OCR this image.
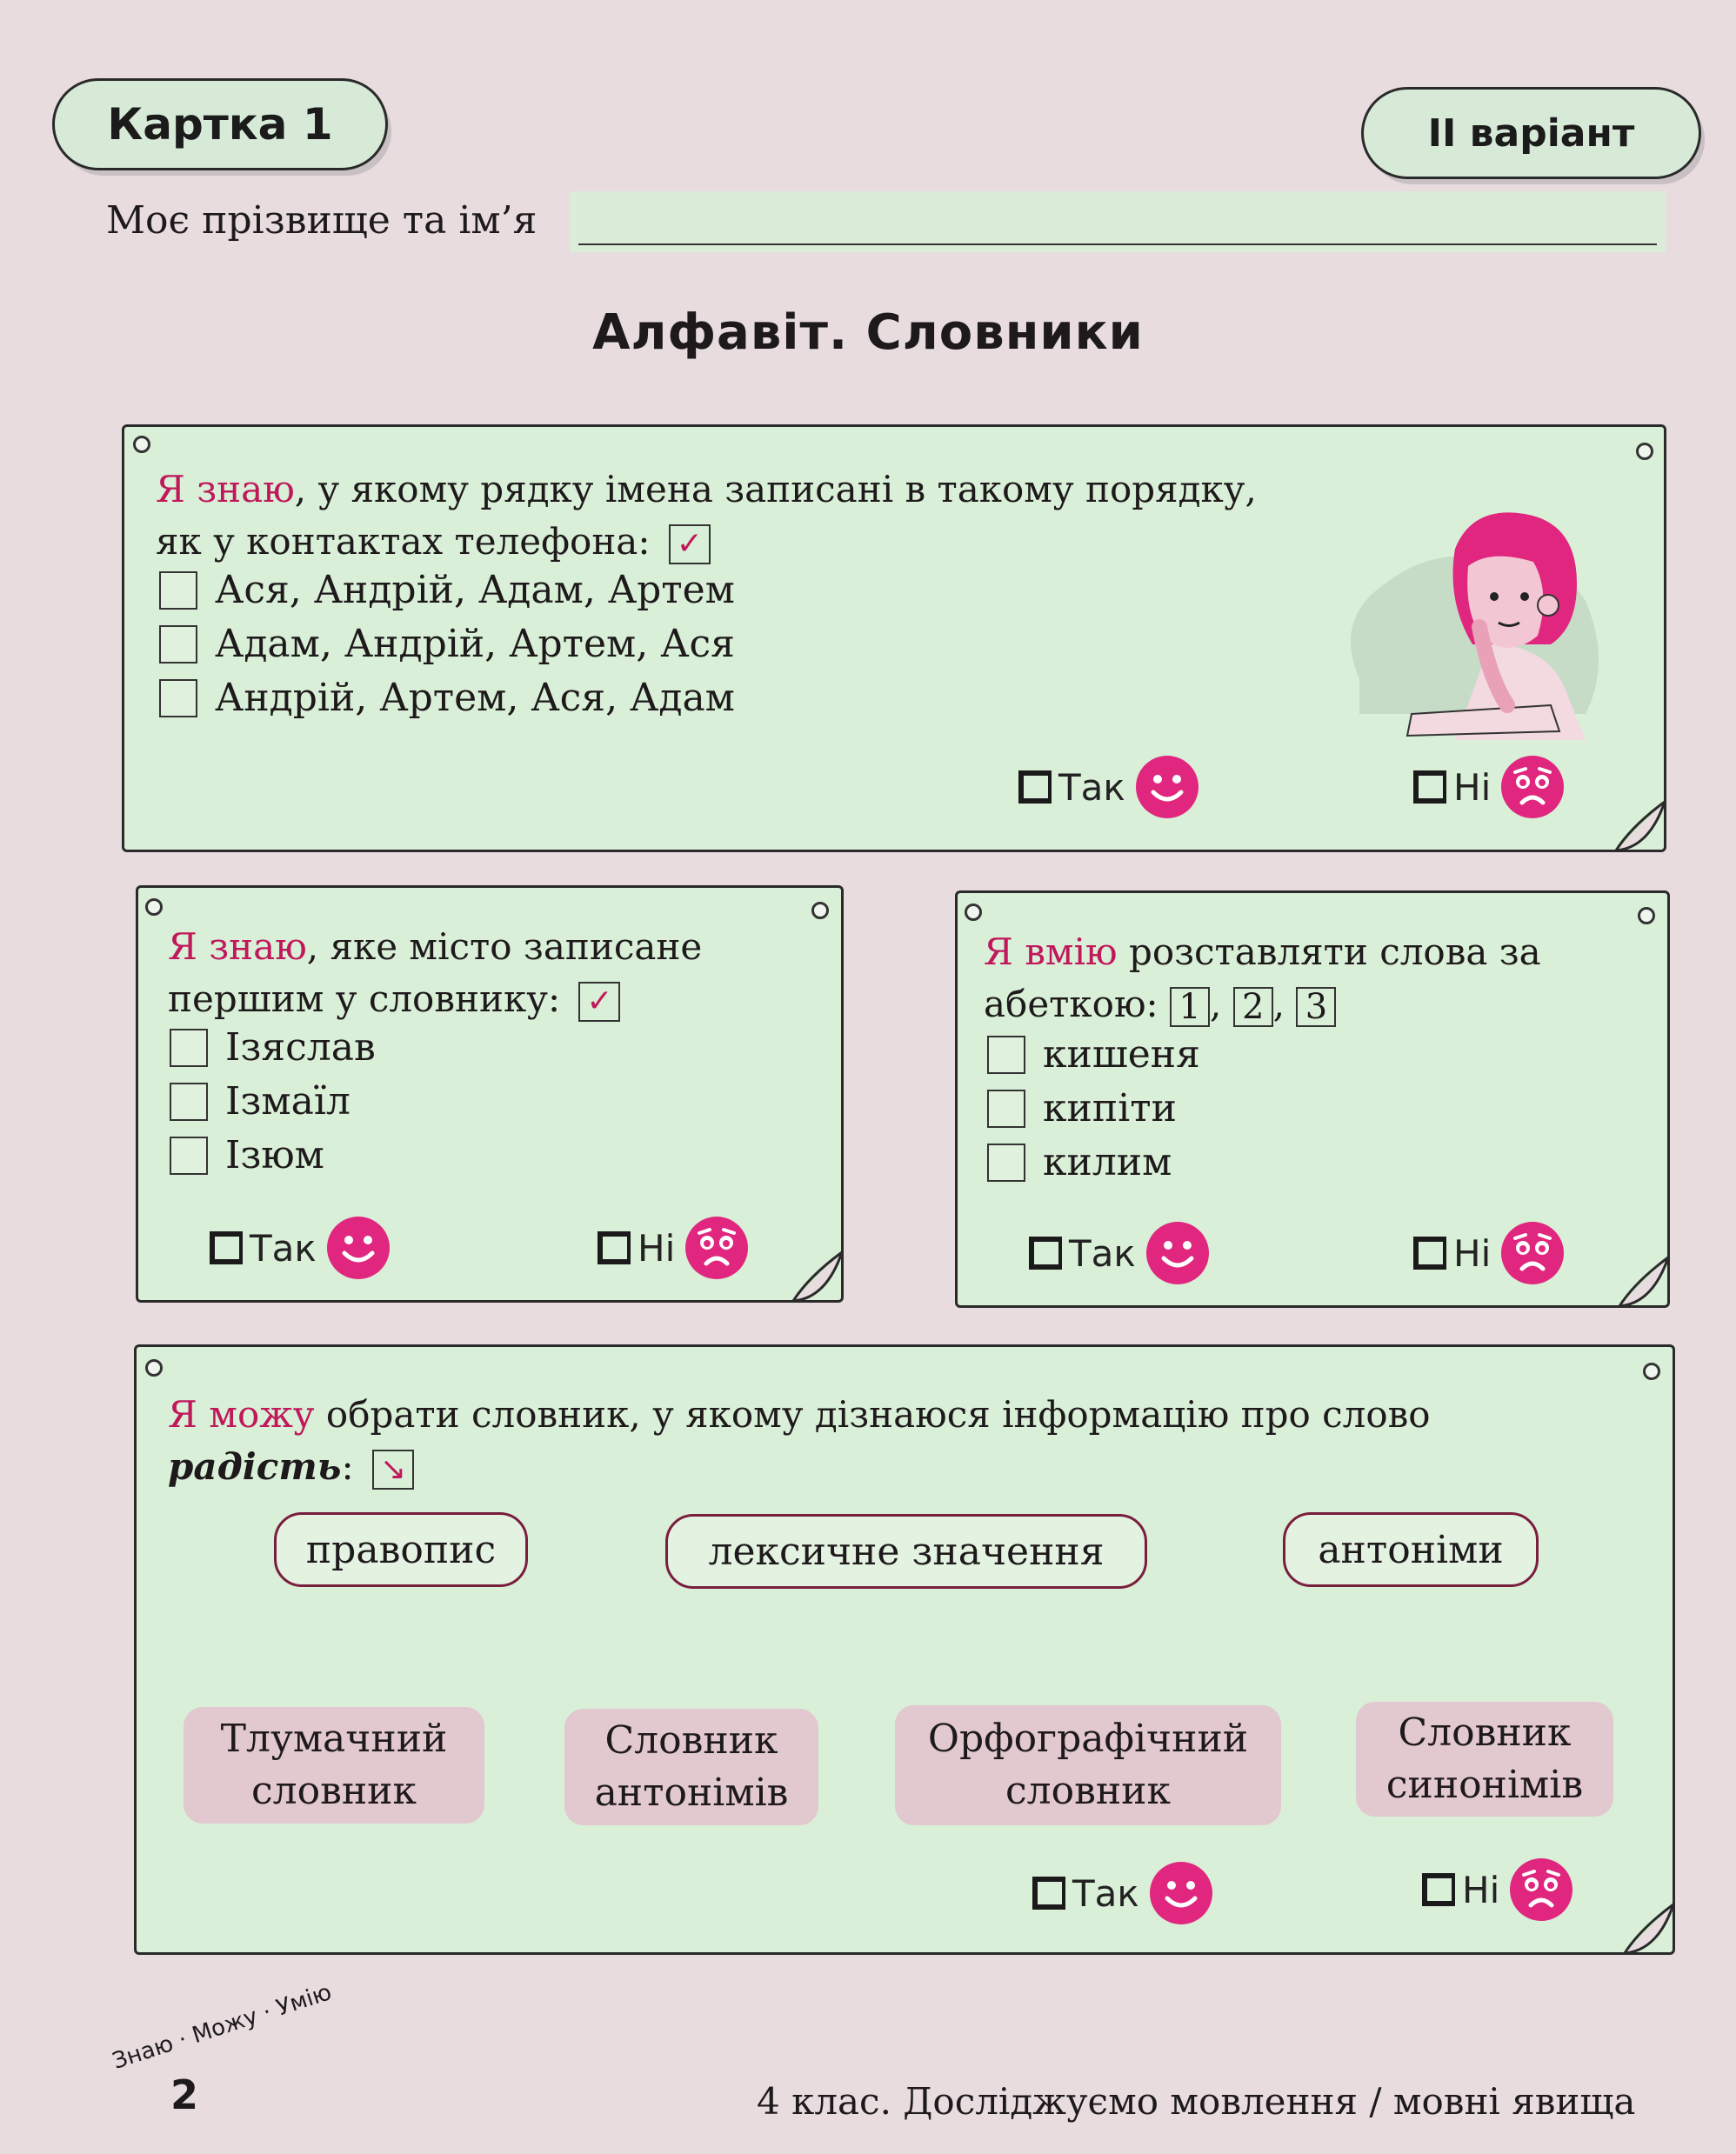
Картка 1	ІІ варіант
Моє прізвище та ім’я
Алфавіт. Словники
Я знаю, у якому рядку імена записані в такому порядку,
як у контактах телефона: ✓
Ася, Андрій, Адам, Артем
Адам, Андрій, Артем, Ася
Андрій, Артем, Ася, Адам
Так	Ні
Я знаю, яке місто записане
першим у словнику: ✓
Ізяслав
Ізмаїл
Ізюм
Так	Ні
Я вмію розставляти слова за
абеткою: 1 , 2 , 3
кишеня
кипіти
килим
Так	Ні
Я можу обрати словник, у якому дізнаюся інформацію про слово
радість: ↘
правопис	лексичне значення	антоніми
Тлумачний
словник
Словник
антонімів
Орфографічний
словник
Словник
синонімів
Так	Ні
Знаю · Можу · Умію
2	4 клас. Досліджуємо мовлення / мовні явища
